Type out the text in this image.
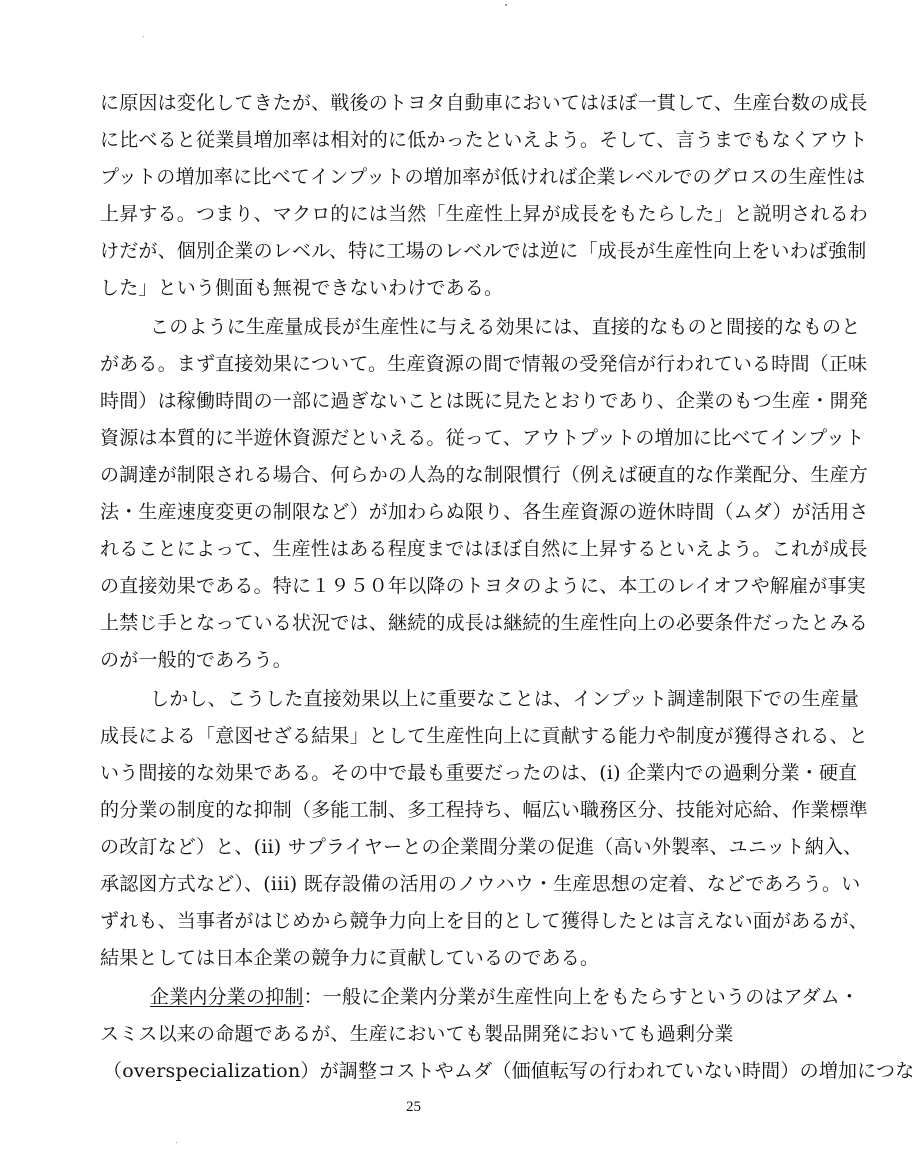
に原因は変化してきたが、戦後のトヨタ自動車においてはほぼ一貫して、生産台数の成長
に比べると従業員増加率は相対的に低かったといえよう。そして、言うまでもなくアウト
プットの増加率に比べてインプットの増加率が低ければ企業レベルでのグロスの生産性は
上昇する。つまり、マクロ的には当然「生産性上昇が成長をもたらした」と説明されるわ
けだが、個別企業のレベル、特に工場のレベルでは逆に「成長が生産性向上をいわば強制
した」という側面も無視できないわけである。
このように生産量成長が生産性に与える効果には、直接的なものと間接的なものと
がある。まず直接効果について。生産資源の間で情報の受発信が行われている時間（正味
時間）は稼働時間の一部に過ぎないことは既に見たとおりであり、企業のもつ生産・開発
資源は本質的に半遊休資源だといえる。従って、アウトプットの増加に比べてインプット
の調達が制限される場合、何らかの人為的な制限慣行（例えば硬直的な作業配分、生産方
法・生産速度変更の制限など）が加わらぬ限り、各生産資源の遊休時間（ムダ）が活用さ
れることによって、生産性はある程度まではほぼ自然に上昇するといえよう。これが成長
の直接効果である。特に１９５０年以降のトヨタのように、本工のレイオフや解雇が事実
上禁じ手となっている状況では、継続的成長は継続的生産性向上の必要条件だったとみる
のが一般的であろう。
しかし、こうした直接効果以上に重要なことは、インプット調達制限下での生産量
成長による「意図せざる結果」として生産性向上に貢献する能力や制度が獲得される、と
いう間接的な効果である。その中で最も重要だったのは、(i) 企業内での過剰分業・硬直
的分業の制度的な抑制（多能工制、多工程持ち、幅広い職務区分、技能対応給、作業標準
の改訂など）と、(ii) サプライヤーとの企業間分業の促進（高い外製率、ユニット納入、
承認図方式など）、(iii) 既存設備の活用のノウハウ・生産思想の定着、などであろう。い
ずれも、当事者がはじめから競争力向上を目的として獲得したとは言えない面があるが、
結果としては日本企業の競争力に貢献しているのである。
企業内分業の抑制：一般に企業内分業が生産性向上をもたらすというのはアダム・
スミス以来の命題であるが、生産においても製品開発においても過剰分業
（overspecialization）が調整コストやムダ（価値転写の行われていない時間）の増加につな
25
